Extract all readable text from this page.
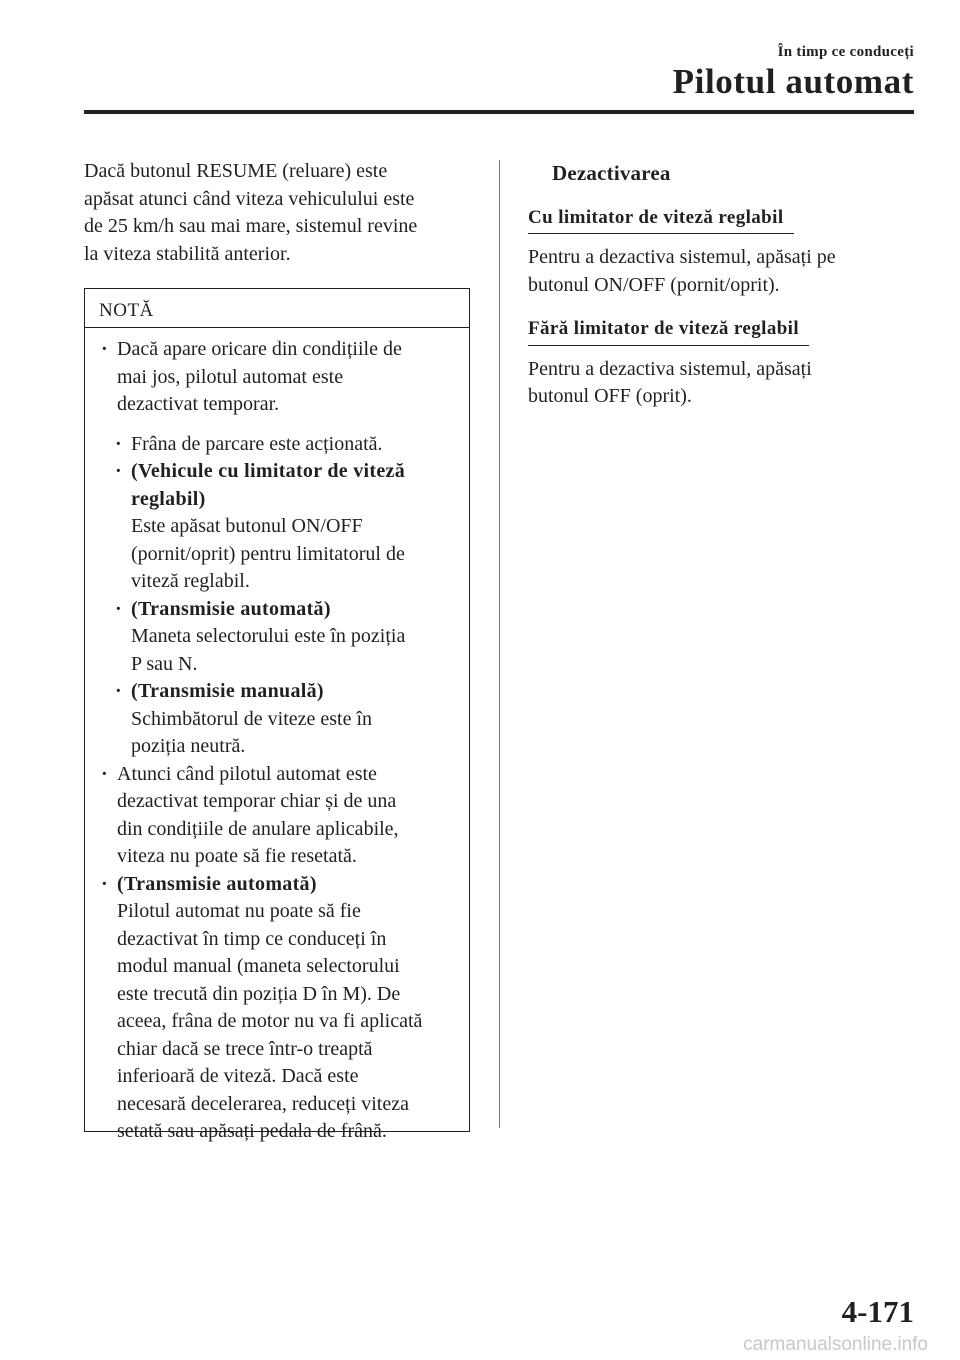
În timp ce conduceți
Pilotul automat

Dacă butonul RESUME (reluare) este

apăsat atunci când viteza vehiculului este

de 25 km/h sau mai mare, sistemul revine

la viteza stabilită anterior.

NOTĂ

· Dacă apare oricare din condițiile de

mai jos, pilotul automat este

dezactivat temporar.

· Frâna de parcare este acționată.

· (Vehicule cu limitator de viteză

reglabil)

Este apăsat butonul ON/OFF

(pornit/oprit) pentru limitatorul de

viteză reglabil.

· (Transmisie automată)

Maneta selectorului este în poziția

P sau N.

· (Transmisie manuală)

Schimbătorul de viteze este în

poziția neutră.

· Atunci când pilotul automat este

dezactivat temporar chiar și de una

din condițiile de anulare aplicabile,

viteza nu poate să fie resetată.

· (Transmisie automată)

Pilotul automat nu poate să fie

dezactivat în timp ce conduceți în

modul manual (maneta selectorului

este trecută din poziția D în M). De

aceea, frâna de motor nu va fi aplicată

chiar dacă se trece într-o treaptă

inferioară de viteză. Dacă este

necesară decelerarea, reduceți viteza

setată sau apăsați pedala de frână.

Dezactivarea
Cu limitator de viteză reglabil

Pentru a dezactiva sistemul, apăsați pe

butonul ON/OFF (pornit/oprit).

Fără limitator de viteză reglabil

Pentru a dezactiva sistemul, apăsați

butonul OFF (oprit).

4-171
carmanualsonline.info
